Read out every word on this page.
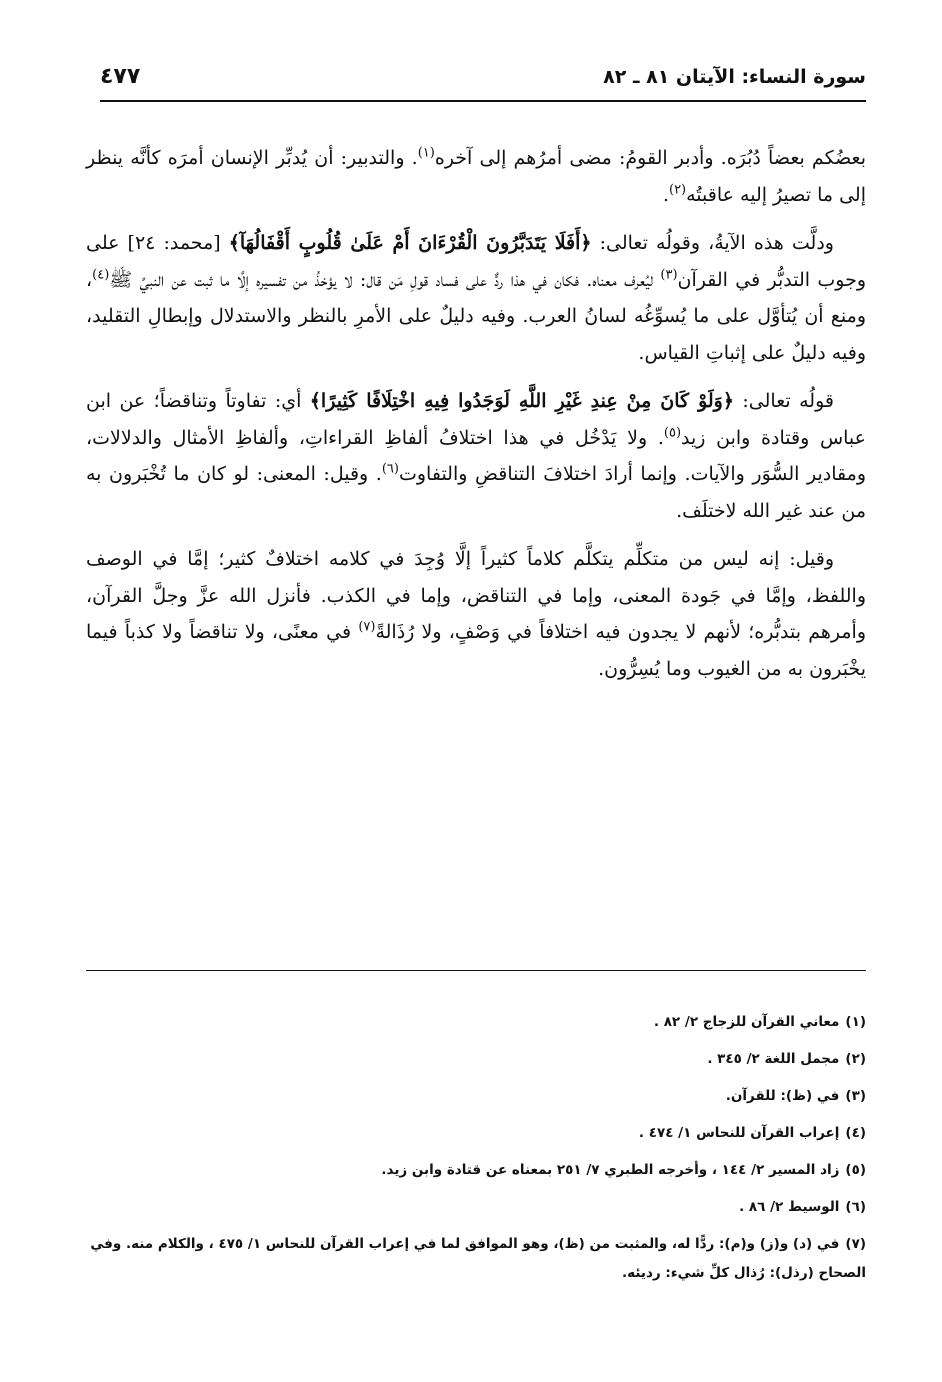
سورة النساء: الآيتان ٨١ ـ ٨٢
٤٧٧

بعضُكم بعضاً دُبُرَه. وأدبر القومُ: مضى أمرُهم إلى آخره$^{(١)}$. والتدبير: أن يُدبِّر الإنسان أمرَه كأنَّه ينظر إلى ما تصيرُ إليه عاقبتُه$^{(٢)}$.

ودلَّت هذه الآيةُ، وقولُه تعالى: ﴿أَفَلَا يَتَدَبَّرُونَ الْقُرْءَانَ أَمْ عَلَىٰ قُلُوبٍ أَقْفَالُهَآ﴾ [محمد: ٢٤] على وجوب التدبُّر في القرآن$^{(٣)}$ ليُعرف معناه. فكان في هذا ردٌّ على فساد قولِ مَن قال: لا يؤخذُ من تفسيره إلَّا ما ثبت عن النبيِّ ﷺ$^{(٤)}$، ومنع أن يُتأوَّل على ما يُسوِّغُه لسانُ العرب. وفيه دليلٌ على الأمرِ بالنظر والاستدلال وإبطالِ التقليد، وفيه دليلٌ على إثباتِ القياس.

قولُه تعالى: ﴿وَلَوْ كَانَ مِنْ عِندِ غَيْرِ اللَّهِ لَوَجَدُوا فِيهِ اخْتِلَافًا كَثِيرًا﴾ أي: تفاوتاً وتناقضاً؛ عن ابن عباس وقتادة وابن زيد$^{(٥)}$. ولا يَدْخُل في هذا اختلافُ ألفاظِ القراءاتِ، وألفاظِ الأمثال والدلالات، ومقادير السُّوَر والآيات. وإنما أرادَ اختلافَ التناقضِ والتفاوت$^{(٦)}$. وقيل: المعنى: لو كان ما تُخْبَرون به من عند غير الله لاختلَف.

وقيل: إنه ليس من متكلِّم يتكلَّم كلاماً كثيراً إلَّا وُجِدَ في كلامه اختلافٌ كثير؛ إمَّا في الوصف واللفظ، وإمَّا في جَودة المعنى، وإما في التناقض، وإما في الكذب. فأنزل الله عزَّ وجلَّ القرآن، وأمرهم بتدبُّره؛ لأنهم لا يجدون فيه اختلافاً في وَصْفٍ، ولا رُذَالةً$^{(٧)}$ في معنًى، ولا تناقضاً ولا كذباً فيما يخْبَرون به من الغيوب وما يُسِرُّون.

(١)معاني القرآن للزجاج ٢/ ٨٢ .
(٢)مجمل اللغة ٢/ ٣٤٥ .
(٣)في (ظ): للقرآن.
(٤)إعراب القرآن للنحاس ١/ ٤٧٤ .
(٥)زاد المسير ٢/ ١٤٤ ، وأخرجه الطبري ٧/ ٢٥١ بمعناه عن قتادة وابن زيد.
(٦)الوسيط ٢/ ٨٦ .
(٧)في (د) و(ز) و(م): ردًّا له، والمثبت من (ظ)، وهو الموافق لما في إعراب القرآن للنحاس ١/ ٤٧٥ ، والكلام منه. وفي الصحاح (رذل): رُذال كلِّ شيء: رديئه.
